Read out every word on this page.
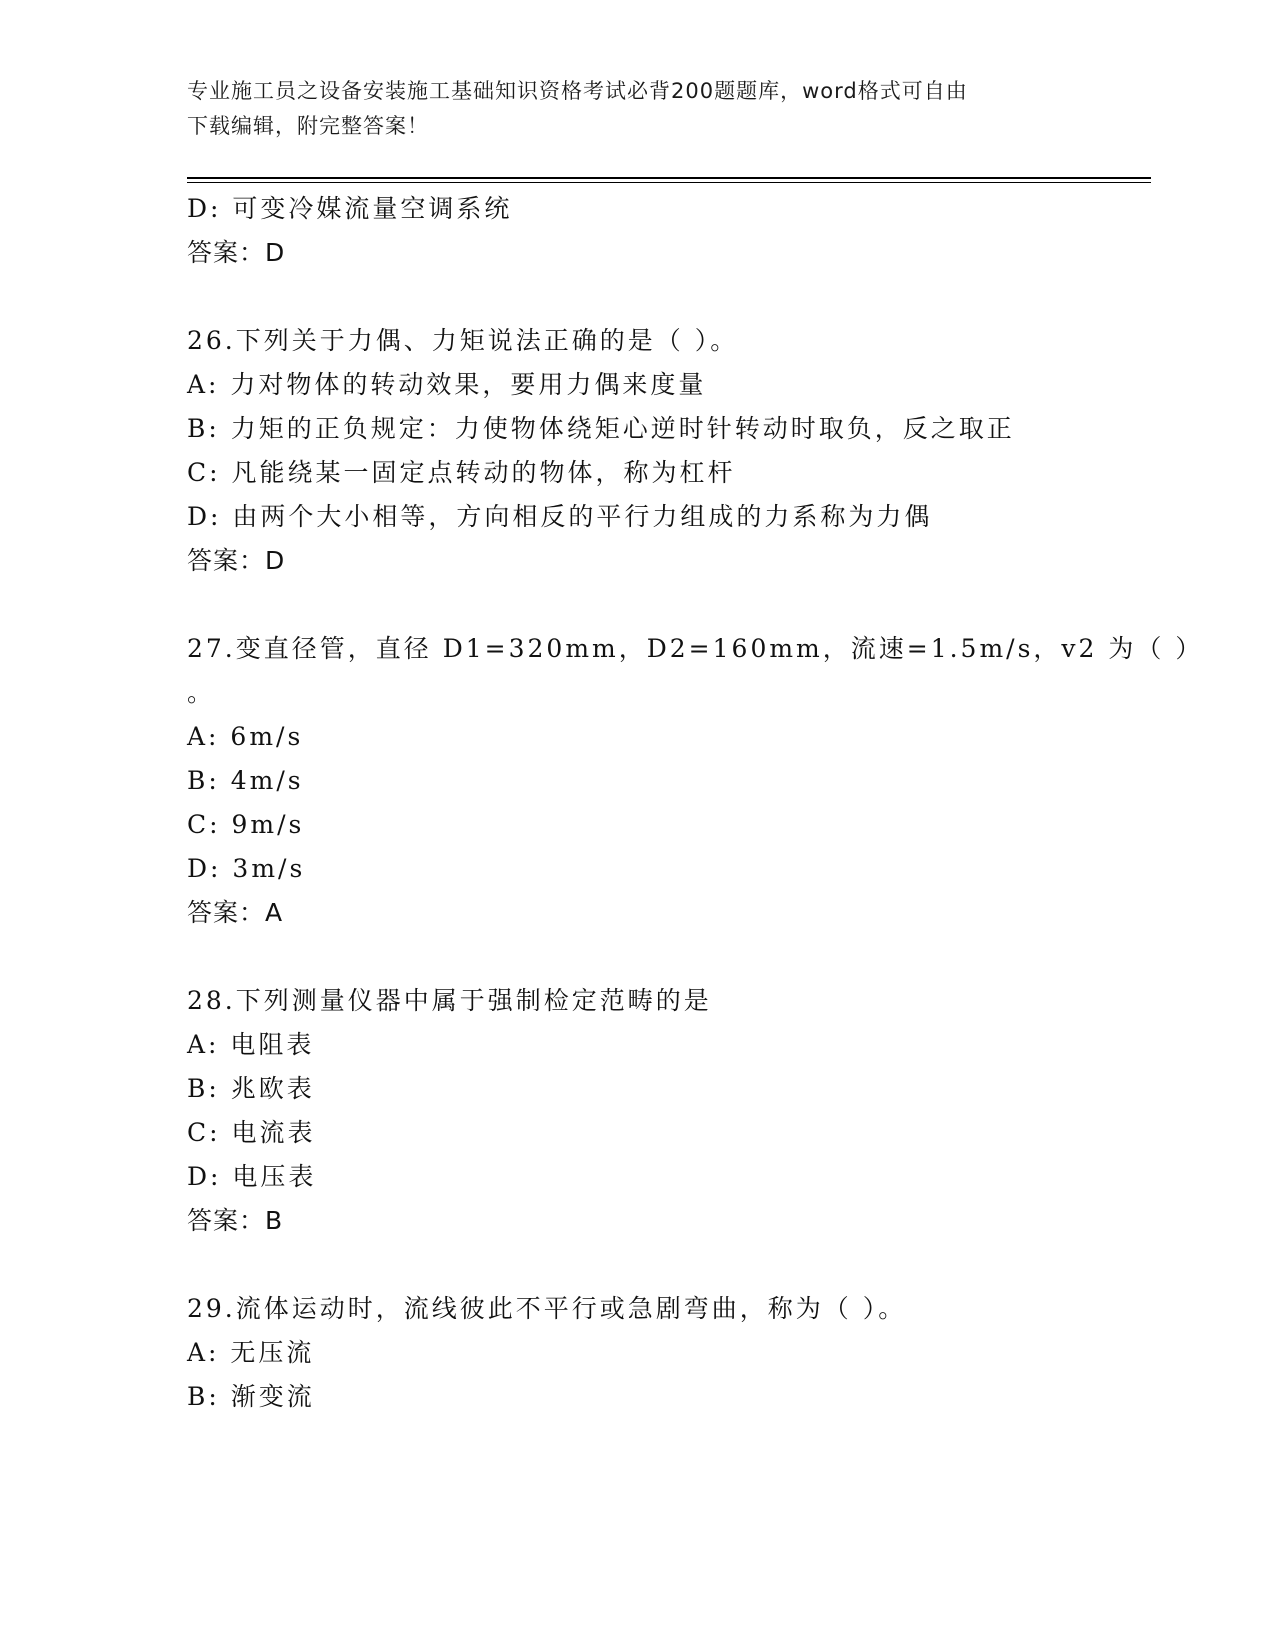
专业施工员之设备安装施工基础知识资格考试必背200题题库，word格式可自由
下载编辑，附完整答案！
D: 可变冷媒流量空调系统
答案：D
26.下列关于力偶、力矩说法正确的是（ ）。
A: 力对物体的转动效果，要用力偶来度量
B: 力矩的正负规定：力使物体绕矩心逆时针转动时取负，反之取正
C: 凡能绕某一固定点转动的物体，称为杠杆
D: 由两个大小相等，方向相反的平行力组成的力系称为力偶
答案：D
27.变直径管，直径 D1=320mm，D2=160mm，流速=1.5m/s，v2 为（ ）
。
A: 6m/s
B: 4m/s
C: 9m/s
D: 3m/s
答案：A
28.下列测量仪器中属于强制检定范畴的是
A: 电阻表
B: 兆欧表
C: 电流表
D: 电压表
答案：B
29.流体运动时，流线彼此不平行或急剧弯曲，称为（ ）。
A: 无压流
B: 渐变流
